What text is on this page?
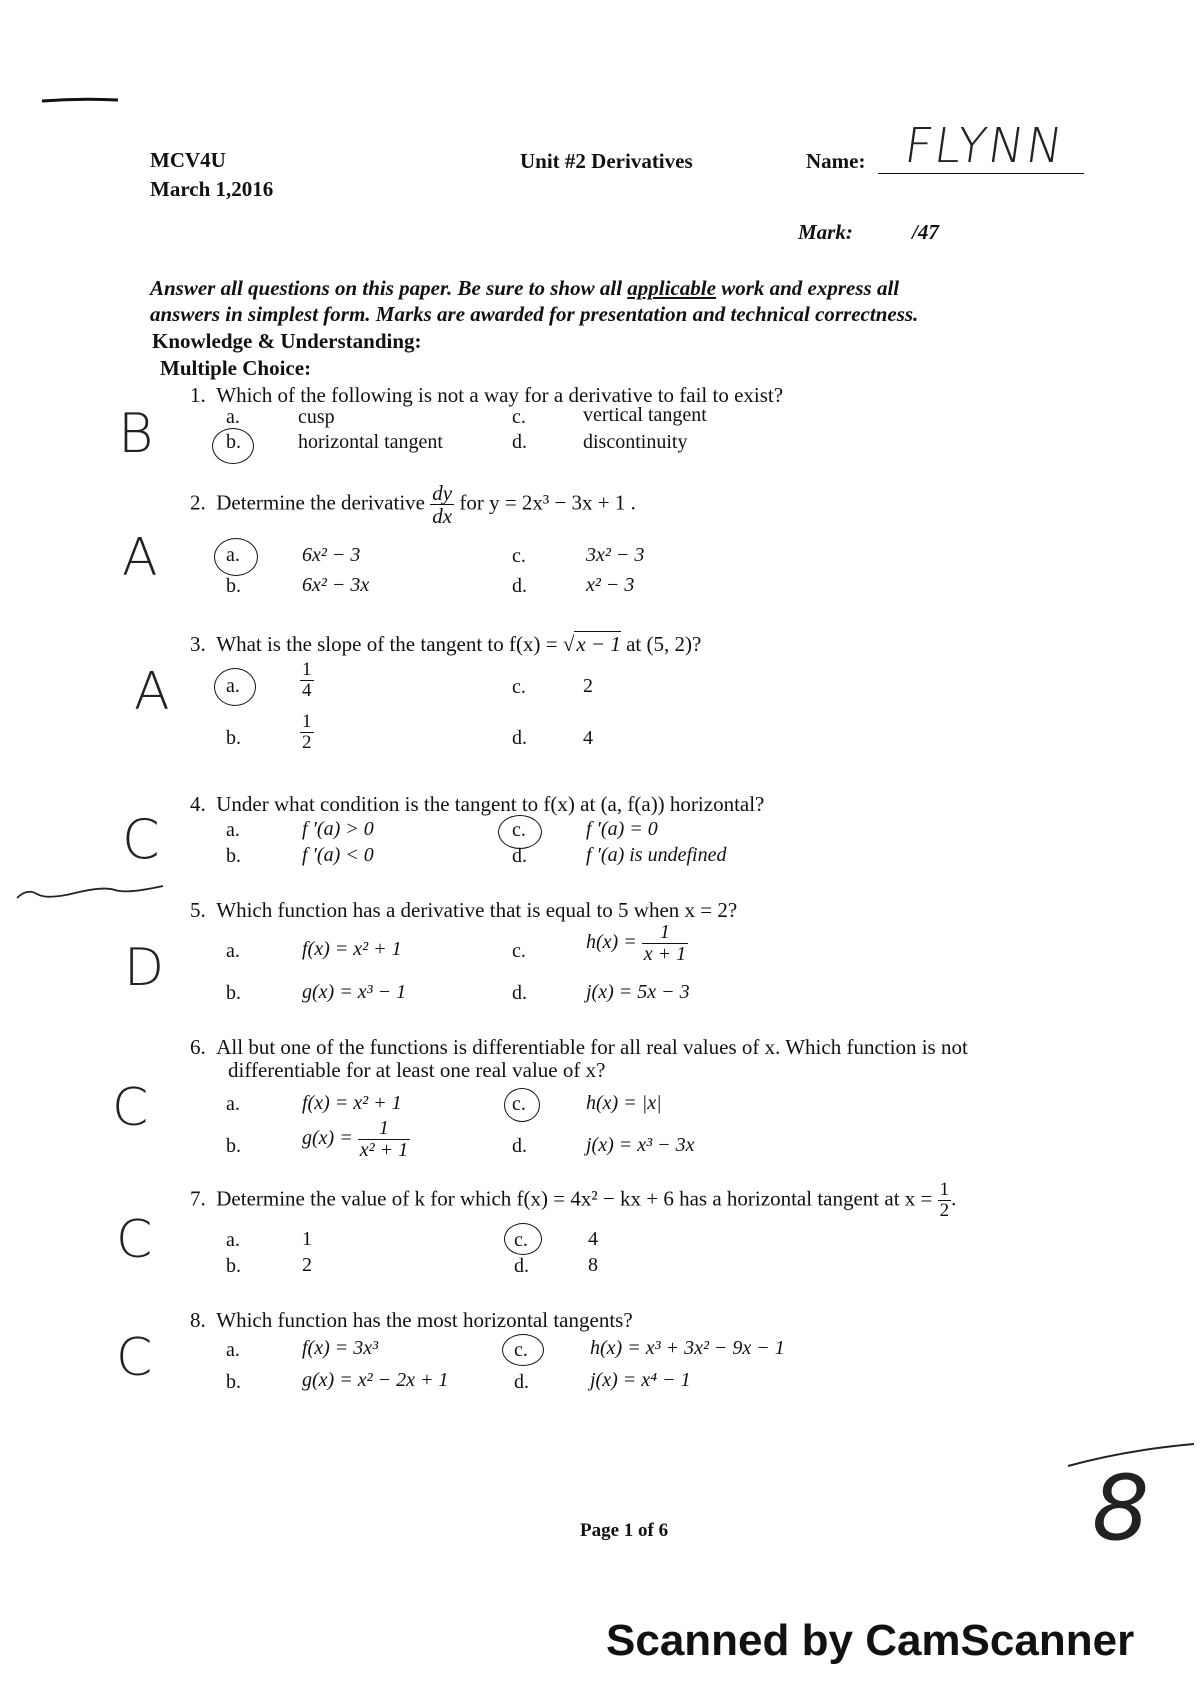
MCV4U
March 1,2016
Unit #2 Derivatives	Name: FLYNN
Mark:	/47
Answer all questions on this paper. Be sure to show all applicable work and express all
answers in simplest form. Marks are awarded for presentation and technical correctness.
Knowledge & Understanding:
Multiple Choice:
1. Which of the following is not a way for a derivative to fail to exist?
B	a.	cusp	c.	vertical tangent
b.	horizontal tangent	d.	discontinuity
2. Determine the derivative $\frac{dy}{dx}$ for y = 2x³ − 3x + 1 .
A	a.	6x² − 3	c.	3x² − 3
b.	6x² − 3x	d.	x² − 3
3. What is the slope of the tangent to f(x) = √x − 1 at (5, 2)?
A	a.	$\frac{1}{4}$	c.	2
b.	$\frac{1}{2}$	d.	4
4. Under what condition is the tangent to f(x) at (a, f(a)) horizontal?
C	a.	f ′(a) > 0	c.	f ′(a) = 0
b.	f ′(a) < 0	d.	f ′(a) is undefined
5. Which function has a derivative that is equal to 5 when x = 2?
D	a.	f(x) = x² + 1	c.	$h(x) = \frac{1}{x + 1}$
b.	g(x) = x³ − 1	d.	j(x) = 5x − 3
6. All but one of the functions is differentiable for all real values of x. Which function is not
differentiable for at least one real value of x?
C	a.	f(x) = x² + 1	c.	h(x) = |x|
b.	$g(x) = \frac{1}{\text{x² + 1}}$	d.	j(x) = x³ − 3x
7. Determine the value of k for which f(x) = 4x² − kx + 6 has a horizontal tangent at $x = \frac{1}{2}$ .
C	a.	1	c.	4
b.	2	d.	8
8. Which function has the most horizontal tangents?
C	a.	f(x) = 3x³	c.	h(x) = x³ + 3x² − 9x − 1
b.	g(x) = x² − 2x + 1	d.	j(x) = x⁴ − 1
Page 1 of 6	8
Scanned by CamScanner
